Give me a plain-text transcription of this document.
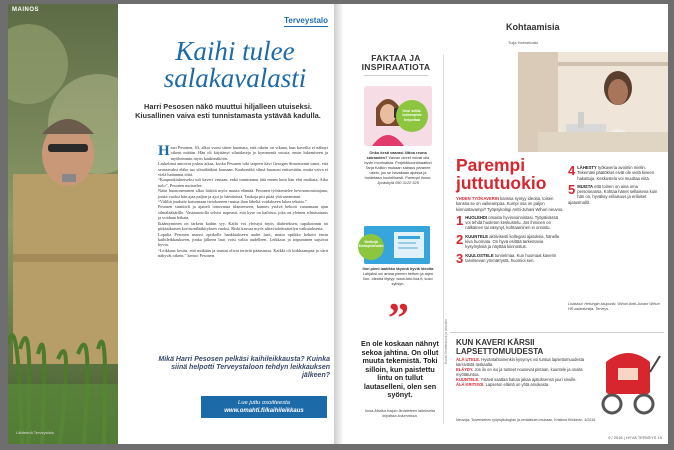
MAINOS
Terveystalo
Kaihi tulee
salakavalasti
Harri Pesosen näkö muuttui hiljalleen utuiseksi. Kiusallinen vaiva esti tunnistamasta ystävää kadulla.

Harri Pesonen, 63, alkoi vuosi sitten huomata, että oikein on vikana, kun kaveilta ei nähnyt oikein mitään. Hän oli käyttänyt silmälaseja jo kymmeniä vuosia, ensin lukemiseen ja myöhemmin myös kaukonäköön.

Laskelmat antoivat joskus aikaa, koska Pesonen toki tarpeen kävi Georgen Simonsenin sanoi, että seuraavaksi eläke tuo silmälääkäri kausaan. Kaukonäkö silmä huononi entisestään, mutta vaiva ei vielä haitannut töitä.

“Kaupunkialueiseksi tuli kaveri vastaan, enkä tunnistanut tätä ennen kuin hän ehti moikata. Aika nolo”, Pesonen muistelee.

Näön huononeminen alkoi häiritä myös muuta elämää. Pesonen työskentelee hevosenomistajana, jonka vuoksi hän ajaa paljon ja ajoi jo hämärässä. Taukoja piti pitää yhä useammin.

“Väliltä joudutte katsomaan tietokoneen ruutua ihan läheltä voidakseen lukea tekstin.”

Pesonen sinnitteli ja ajatteli tottuvansa tilanteeseen, kunnes ystävä kehotti varaamaan ajan silmälääkärille. Vastaanotolla selvisi nopeasti, että kyse on kaihista, joka on yleinen silmäsairaus ja voidaan leikata.

Ikääntyminen on tärkein kaihin syy. Kaihi voi yleistyä myös diabeteksen, tupakoinnin tai pitkäaikaisen kortisonilääkityksen vuoksi. Riski kasvaa myös ultraviolettisäteilyn vaikutuksesta.

Lopulta Pesonen marssi optikolle hankkiakseen uudet lasit, mutta optikko kehotti ensin kaihileikkaukseen, jonka jälkeen lasit voisi valita uudelleen. Leikkaus ja toipuminen sujuivat hyvin.

“Leikkaus kestin, että mitkään ja taustat olivat terävät pääasiassa. Kaikki oli kirkkaampaa ja värit näkyvät oikein.” kertoo Pesonen.

Mikä Harri Pesosen pelkäsi kaihileikkausta? Kuinka siinä helpotti Terveystaloon tehdyn leikkauksen jälkeen?
Lue juttu osoitteesta
www.omahti.fi/kaihileikkaus
Lähteenä Terveystalo
FAKTAA JA
INSPIRAATIOTA
Uusi selkä-toimenpide helpottaa
Onko kesä vaarasi liittoa reuna sairauden? Vaivan oireet voivat olla hyvin moninaisia. Projektikoordinaattori Tarja Kallion mukaan sairaus paranee usein, jos se havaitaan ajoissa ja hoidetaan huolellisesti. Parempi ihoon, Jyväskylä 050 3122 525
Vinkkejä ihmisyhteisöön
Ilon pieni laatikko täynnä hyviä ideoita Lahjaksi voi antaa pienen hetken ja arjen ilon. Ideoita löytyy: www.arki-iloa.fi, koko syksyn.
”
En ole koskaan nähnyt sekoa jahtina. On ollut muuta tekemistä. Toki silloin, kun paistettu lintu on tullut lautaselleni, olen sen syönyt.
Ilona-Marika Kalpio Ilmatieteen laitokselta kirjoittaa kolumnissa.
Kohtaamisia
Tuija Halmekoski
Parempi
juttutuokio

YHDEN TYÖKAVERIN kanssa syntyy ideoita, toisen kanssa se on vaikeampaa. Kumpi osa on paljon kiinnostavampi? Työpsykologi Antti-Juhani Wihuri neuvoo.

1 HUOLEHDI omasta hyvinvoinnistasi. Työpäivässä voi tehdä huoleton keskustelu. Jos ihminen on nälkäinen tai väsynyt, kohtaaminen ei onnistu.
2 KUUNTELE aktiivisesti kollegasi ajatuksia, hänelle kiva huomata. On hyvä esittää tarkentavia kysymyksiä ja näyttää kiinnostus.
3 KUULOSTELE tunnelmaa. Kun huomaat kaverin tarvitsevan ymmärrystä, huomioi sen.
4 LÄHESTY työkaveria avoimin mielin. Tekemäsi päätökset eivät ole vielä kiveen hakattuja. Keskustelu voi muuttaa niitä.
5 MUISTA että toinen on aina oma persoonansa. Kohtaa hänet sellaisena kuin hän on, hyväksy erilaisuus ja erilaiset ajatusmallit.
Lisäsivut: Helsingin kaupunki, Wihuri Antti-Juhani Wihuri HR-asiantuntija, Terveys.
KUN KAVERI KÄRSII
LAPSETTOMUUDESTA
ÄLÄ UTELE. Hyväntahtoinenkin kysymys voi tuntua lapsettomuudesta kärsivästä raskaalta.
ELÄYDY. Jos ilo on iso ja tunteet nousevat pintaan, kuuntele ja osoita myötätuntoa.
KUUNTELE. Ystävä saattaa haluta jakaa ajatuksensa juuri sinulle.
ÄLÄ KRITISOI. Lapseton elämä on yhtä arvokasta.
Neuvoja: Toivemiehen työpsykologian ja vertaistuen mukaan, Kristiina Kiiskinen, 4/2016
Kuvat Shutterstock ja stroudio
9 / 2016 | HYVÄ TERVEYS 19
